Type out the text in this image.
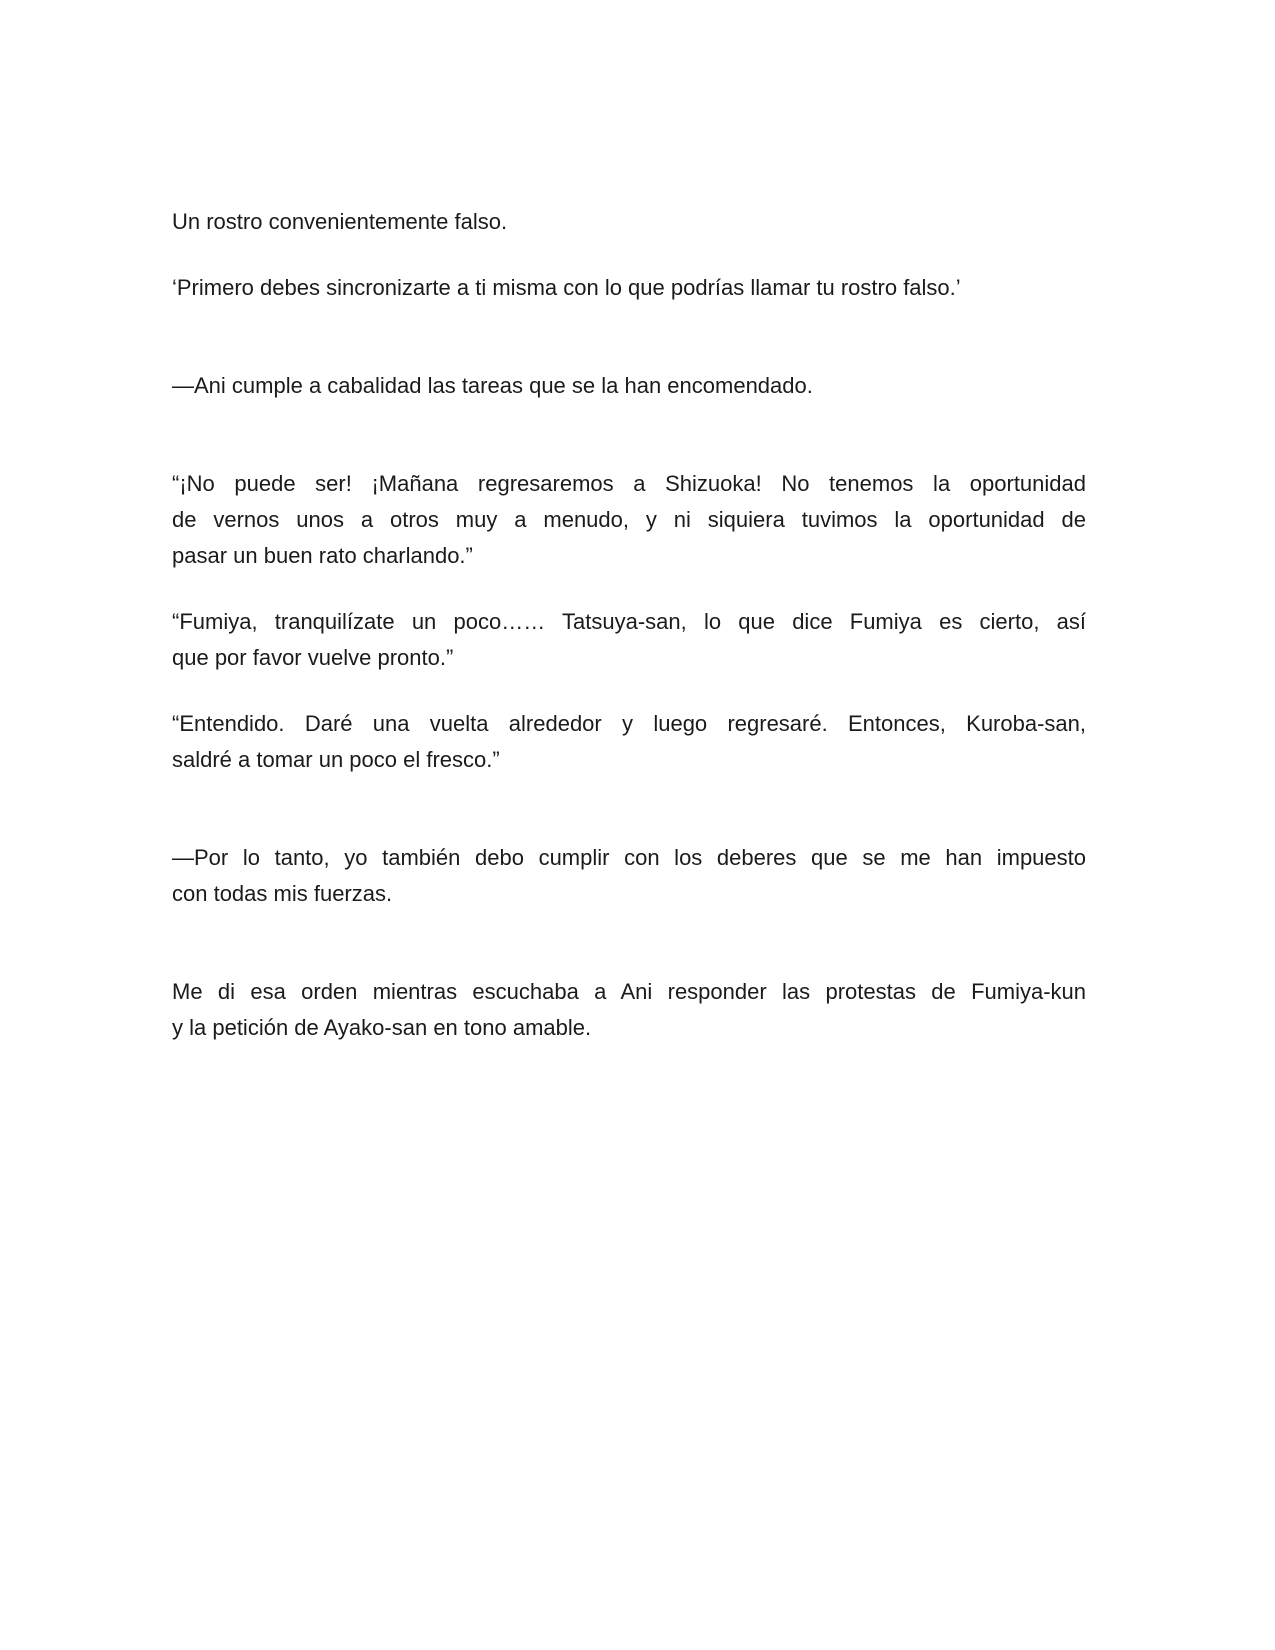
Un rostro convenientemente falso.

‘Primero debes sincronizarte a ti misma con lo que podrías llamar tu rostro falso.’

—Ani cumple a cabalidad las tareas que se la han encomendado.

“¡No puede ser! ¡Mañana regresaremos a Shizuoka! No tenemos la oportunidad
de vernos unos a otros muy a menudo, y ni siquiera tuvimos la oportunidad de
pasar un buen rato charlando.”

“Fumiya, tranquilízate un poco…… Tatsuya-san, lo que dice Fumiya es cierto, así
que por favor vuelve pronto.”

“Entendido. Daré una vuelta alrededor y luego regresaré. Entonces, Kuroba-san,
saldré a tomar un poco el fresco.”

—Por lo tanto, yo también debo cumplir con los deberes que se me han impuesto
con todas mis fuerzas.

Me di esa orden mientras escuchaba a Ani responder las protestas de Fumiya-kun
y la petición de Ayako-san en tono amable.
